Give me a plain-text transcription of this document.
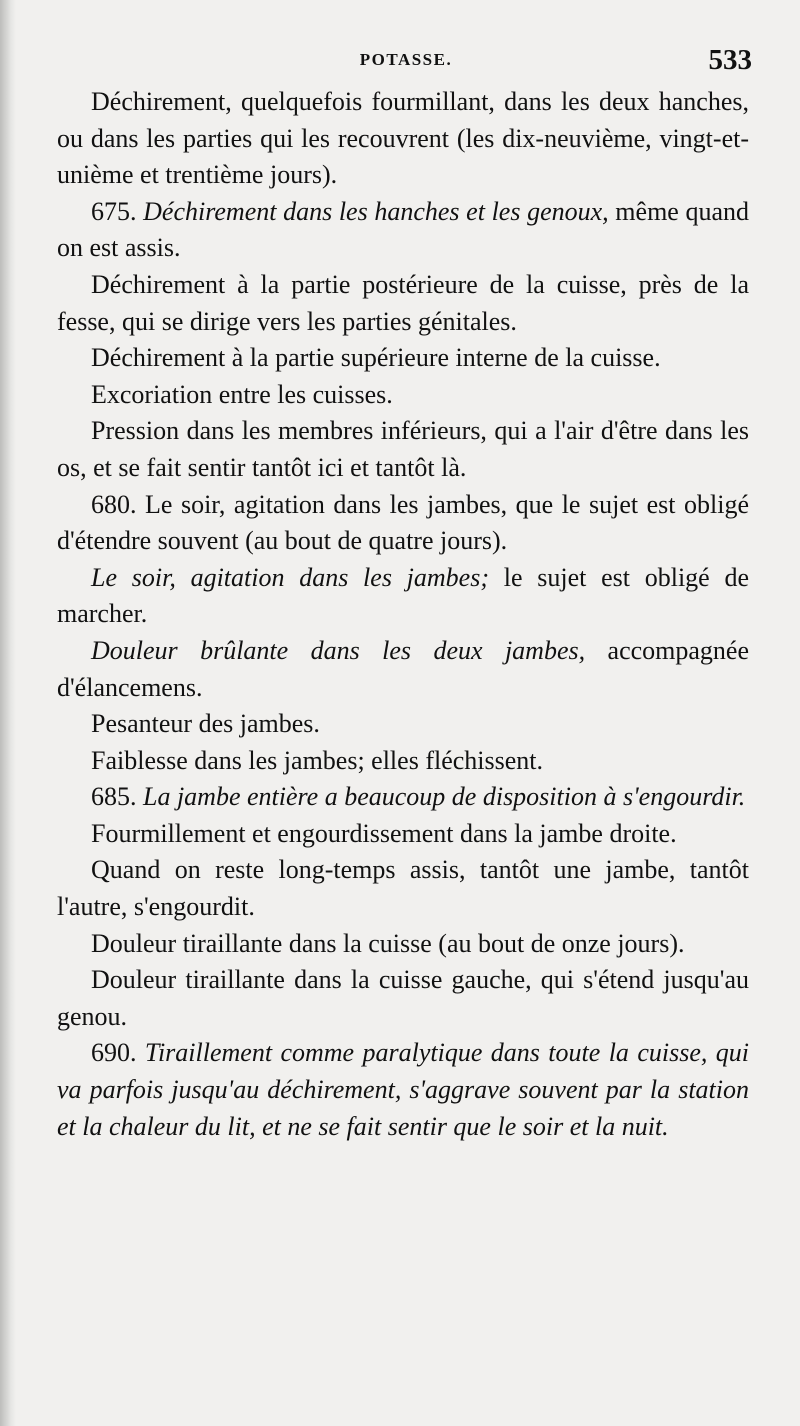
POTASSE.	533

Déchirement, quelquefois fourmillant, dans les deux hanches, ou dans les parties qui les recouvrent (les dix-neuvième, vingt-et-unième et trentième jours).

675. Déchirement dans les hanches et les genoux, même quand on est assis.

Déchirement à la partie postérieure de la cuisse, près de la fesse, qui se dirige vers les parties génitales.

Déchirement à la partie supérieure interne de la cuisse.

Excoriation entre les cuisses.

Pression dans les membres inférieurs, qui a l'air d'être dans les os, et se fait sentir tantôt ici et tantôt là.

680. Le soir, agitation dans les jambes, que le sujet est obligé d'étendre souvent (au bout de quatre jours).

Le soir, agitation dans les jambes; le sujet est obligé de marcher.

Douleur brûlante dans les deux jambes, accompagnée d'élancemens.

Pesanteur des jambes.

Faiblesse dans les jambes; elles fléchissent.

685. La jambe entière a beaucoup de disposition à s'engourdir.

Fourmillement et engourdissement dans la jambe droite.

Quand on reste long-temps assis, tantôt une jambe, tantôt l'autre, s'engourdit.

Douleur tiraillante dans la cuisse (au bout de onze jours).

Douleur tiraillante dans la cuisse gauche, qui s'étend jusqu'au genou.

690. Tiraillement comme paralytique dans toute la cuisse, qui va parfois jusqu'au déchirement, s'aggrave souvent par la station et la chaleur du lit, et ne se fait sentir que le soir et la nuit.
